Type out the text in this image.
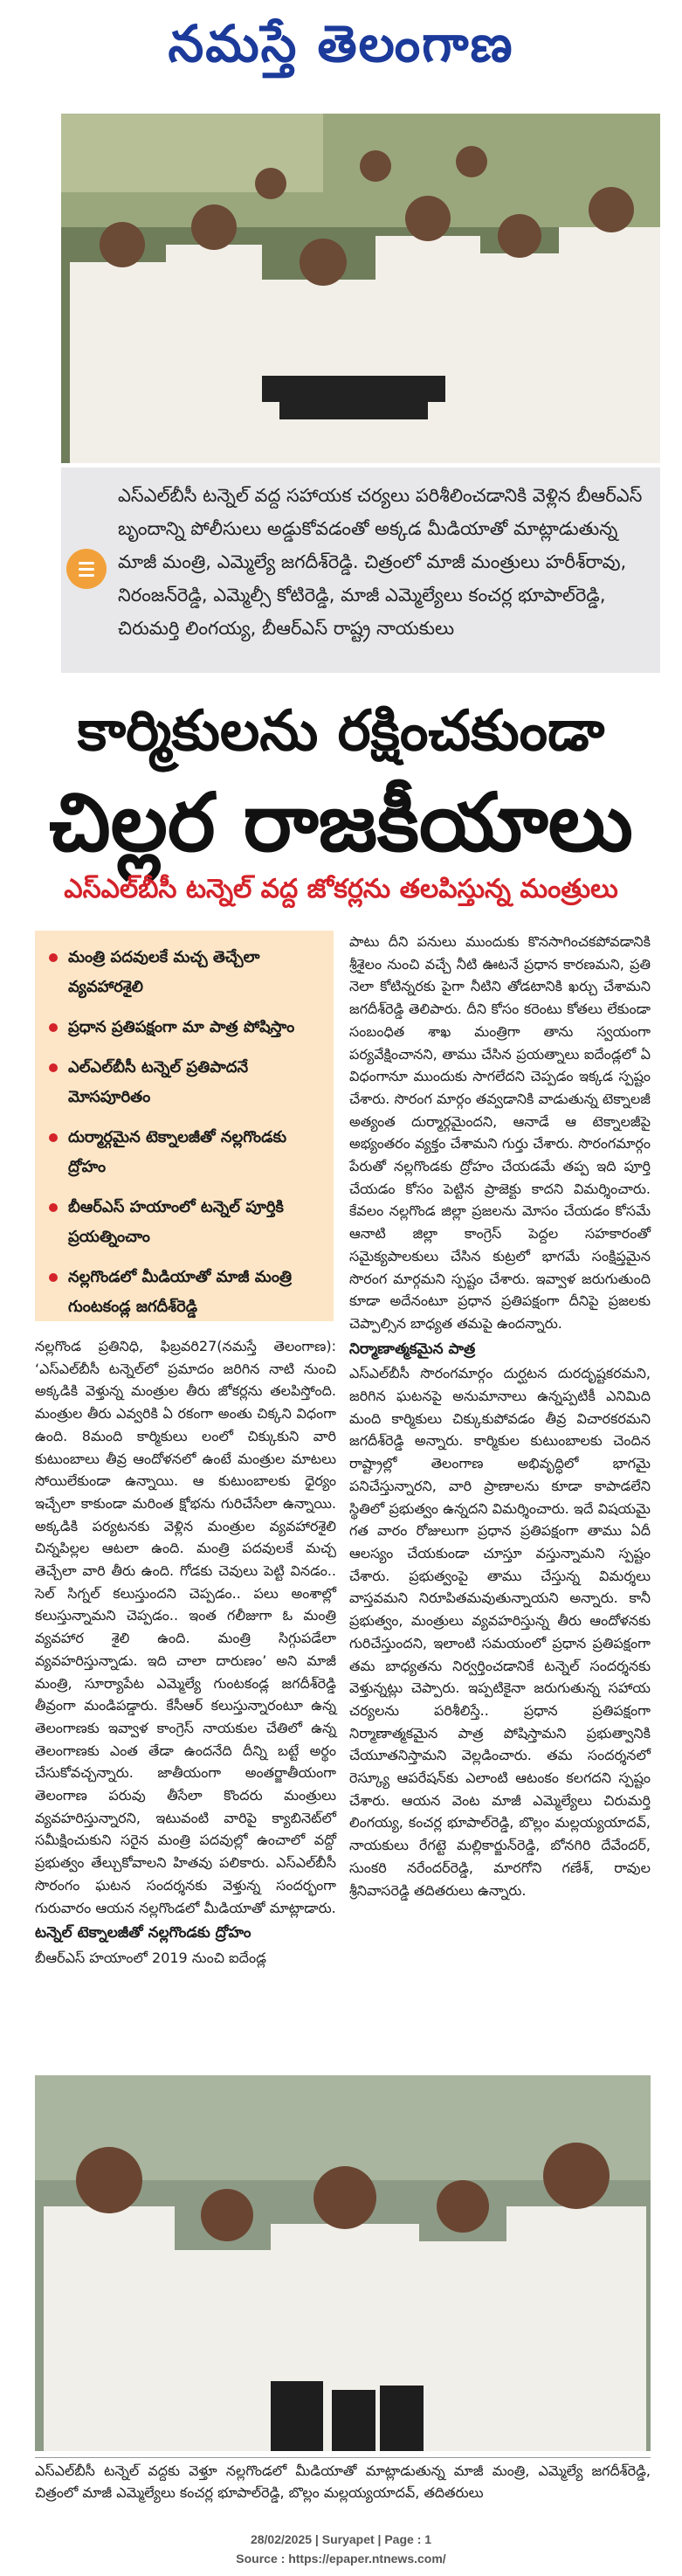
నమస్తే తెలంగాణ
ఎస్‌ఎల్‌బీసీ టన్నెల్ వద్ద సహాయక చర్యలు పరిశీలించడానికి వెళ్లిన బీఆర్‌ఎస్ బృందాన్ని పోలీసులు అడ్డుకోవడంతో అక్కడ మీడియాతో మాట్లాడుతున్న మాజీ మంత్రి, ఎమ్మెల్యే జగదీశ్‌రెడ్డి. చిత్రంలో మాజీ మంత్రులు హరీశ్‌రావు, నిరంజన్‌రెడ్డి, ఎమ్మెల్సీ కోటిరెడ్డి, మాజీ ఎమ్మెల్యేలు కంచర్ల భూపాల్‌రెడ్డి, చిరుమర్తి లింగయ్య, బీఆర్‌ఎస్ రాష్ట్ర నాయకులు
కార్మికులను రక్షించకుండా
చిల్లర రాజకీయాలు
ఎస్‌ఎల్‌బీసీ టన్నెల్ వద్ద జోకర్లను తలపిస్తున్న మంత్రులు
మంత్రి పదవులకే మచ్చ తెచ్చేలా వ్యవహారశైలి
ప్రధాన ప్రతిపక్షంగా మా పాత్ర పోషిస్తాం
ఎల్‌ఎల్‌బీసీ టన్నెల్ ప్రతిపాదనే మోసపూరితం
దుర్మార్గమైన టెక్నాలజీతో నల్లగొండకు ద్రోహం
బీఆర్‌ఎస్ హయాంలో టన్నెల్ పూర్తికి ప్రయత్నించాం
నల్లగొండలో మీడియాతో మాజీ మంత్రి గుంటకండ్ల జగదీశ్‌రెడ్డి

నల్లగొండ ప్రతినిధి, ఫిబ్రవరి27(నమస్తే తెలంగాణ): ‘ఎస్‌ఎల్‌బీసీ టన్నెల్‌లో ప్రమాదం జరిగిన నాటి నుంచి అక్కడికి వెళ్తున్న మంత్రుల తీరు జోకర్లను తలపిస్తోంది. మంత్రుల తీరు ఎవ్వరికి ఏ రకంగా అంతు చిక్కని విధంగా ఉంది. 8మంది కార్మికులు లంలో చిక్కుకుని వారి కుటుంబాలు తీవ్ర ఆందోళనలో ఉంటే మంత్రుల మాటలు సోయిలేకుండా ఉన్నాయి. ఆ కుటుంబాలకు ధైర్యం ఇచ్చేలా కాకుండా మరింత క్షోభను గురిచేసేలా ఉన్నాయి. అక్కడికి పర్యటనకు వెళ్లిన మంత్రుల వ్యవహారశైలి చిన్నపిల్లల ఆటలా ఉంది. మంత్రి పదవులకే మచ్చ తెచ్చేలా వారి తీరు ఉంది. గోడకు చెవులు పెట్టి వినడం.. సెల్ సిగ్నల్ కలుస్తుందని చెప్పడం.. పలు అంశాల్లో కలుస్తున్నామని చెప్పడం.. ఇంత గలీజుగా ఓ మంత్రి వ్యవహార శైలి ఉంది. మంత్రి సిగ్గుపడేలా వ్యవహరిస్తున్నాడు. ఇది చాలా దారుణం’ అని మాజీ మంత్రి, సూర్యాపేట ఎమ్మెల్యే గుంటకండ్ల జగదీశ్‌రెడ్డి తీవ్రంగా మండిపడ్డారు. కేసీఆర్ కలుస్తున్నారంటూ ఉన్న తెలంగాణకు ఇవ్వాళ కాంగ్రెస్ నాయకుల చేతిలో ఉన్న తెలంగాణకు ఎంత తేడా ఉందనేది దీన్ని బట్టే అర్థం చేసుకోవచ్చన్నారు. జాతీయంగా అంతర్జాతీయంగా తెలంగాణ పరువు తీసేలా కొందరు మంత్రులు వ్యవహరిస్తున్నారని, ఇటువంటి వారిపై క్యాబినెట్‌లో సమీక్షించుకుని సరైన మంత్రి పదవుల్లో ఉంచాలో వద్దో ప్రభుత్వం తేల్చుకోవాలని హితవు పలికారు. ఎస్‌ఎల్‌బీసీ సొరంగం ఘటన సందర్శనకు వెళ్తున్న సందర్భంగా గురువారం ఆయన నల్లగొండలో మీడియాతో మాట్లాడారు.

టన్నెల్ టెక్నాలజీతో నల్లగొండకు ద్రోహం

బీఆర్‌ఎస్ హయాంలో 2019 నుంచి ఐదేండ్ల

పాటు దీని పనులు ముందుకు కొనసాగించకపోవడానికి శ్రీశైలం నుంచి వచ్చే నీటి ఊటనే ప్రధాన కారణమని, ప్రతి నెలా కోటిన్నరకు పైగా నీటిని తోడటానికి ఖర్చు చేశామని జగదీశ్‌రెడ్డి తెలిపారు. దీని కోసం కరెంటు కోతలు లేకుండా సంబంధిత శాఖ మంత్రిగా తాను స్వయంగా పర్యవేక్షించానని, తాము చేసిన ప్రయత్నాలు ఐదేండ్లలో ఏ విధంగానూ ముందుకు సాగలేదని చెప్పడం ఇక్కడ స్పష్టం చేశారు. సొరంగ మార్గం తవ్వడానికి వాడుతున్న టెక్నాలజీ అత్యంత దుర్మార్గమైందని, ఆనాడే ఆ టెక్నాలజీపై అభ్యంతరం వ్యక్తం చేశామని గుర్తు చేశారు. సొరంగమార్గం పేరుతో నల్లగొండకు ద్రోహం చేయడమే తప్ప ఇది పూర్తి చేయడం కోసం పెట్టిన ప్రాజెక్టు కాదని విమర్శించారు. కేవలం నల్లగొండ జిల్లా ప్రజలను మోసం చేయడం కోసమే ఆనాటి జిల్లా కాంగ్రెస్ పెద్దల సహకారంతో సమైక్యపాలకులు చేసిన కుట్రలో భాగమే సంక్షిప్తమైన సొరంగ మార్గమని స్పష్టం చేశారు. ఇవ్వాళ జరుగుతుంది కూడా అదేనంటూ ప్రధాన ప్రతిపక్షంగా దీనిపై ప్రజలకు చెప్పాల్సిన బాధ్యత తమపై ఉందన్నారు.

నిర్మాణాత్మకమైన పాత్ర

ఎస్‌ఎల్‌బీసీ సొరంగమార్గం దుర్ఘటన దురదృష్టకరమని, జరిగిన ఘటనపై అనుమానాలు ఉన్నప్పటికీ ఎనిమిది మంది కార్మికులు చిక్కుకుపోవడం తీవ్ర విచారకరమని జగదీశ్‌రెడ్డి అన్నారు. కార్మికుల కుటుంబాలకు చెందిన రాష్ట్రాల్లో తెలంగాణ అభివృద్ధిలో భాగమై పనిచేస్తున్నారని, వారి ప్రాణాలను కూడా కాపాడలేని స్థితిలో ప్రభుత్వం ఉన్నదని విమర్శించారు. ఇదే విషయమై గత వారం రోజులుగా ప్రధాన ప్రతిపక్షంగా తాము ఏదీ ఆలస్యం చేయకుండా చూస్తూ వస్తున్నామని స్పష్టం చేశారు. ప్రభుత్వంపై తాము చేస్తున్న విమర్శలు వాస్తవమని నిరూపితమవుతున్నాయని అన్నారు. కానీ ప్రభుత్వం, మంత్రులు వ్యవహరిస్తున్న తీరు ఆందోళనకు గురిచేస్తుందని, ఇలాంటి సమయంలో ప్రధాన ప్రతిపక్షంగా తమ బాధ్యతను నిర్వర్తించడానికే టన్నెల్ సందర్శనకు వెళ్తున్నట్లు చెప్పారు. ఇప్పటికైనా జరుగుతున్న సహాయ చర్యలను పరిశీలిస్తే.. ప్రధాన ప్రతిపక్షంగా నిర్మాణాత్మకమైన పాత్ర పోషిస్తామని ప్రభుత్వానికి చేయూతనిస్తామని వెల్లడించారు. తమ సందర్శనలో రెస్క్యూ ఆపరేషన్‌కు ఎలాంటి ఆటంకం కలగదని స్పష్టం చేశారు. ఆయన వెంట మాజీ ఎమ్మెల్యేలు చిరుమర్తి లింగయ్య, కంచర్ల భూపాల్‌రెడ్డి, బొల్లం మల్లయ్యయాదవ్, నాయకులు రేగట్టె మల్లికార్జున్‌రెడ్డి, బోనగిరి దేవేందర్, సుంకరి నరేందర్‌రెడ్డి, మారగోని గణేశ్, రావుల శ్రీనివాసరెడ్డి తదితరులు ఉన్నారు.

ఎస్‌ఎల్‌బీసీ టన్నెల్ వద్దకు వెళ్తూ నల్లగొండలో మీడియాతో మాట్లాడుతున్న మాజీ మంత్రి, ఎమ్మెల్యే జగదీశ్‌రెడ్డి, చిత్రంలో మాజీ ఎమ్మెల్యేలు కంచర్ల భూపాల్‌రెడ్డి, బొల్లం మల్లయ్యయాదవ్, తదితరులు
28/02/2025 | Suryapet | Page : 1
Source : https://epaper.ntnews.com/
